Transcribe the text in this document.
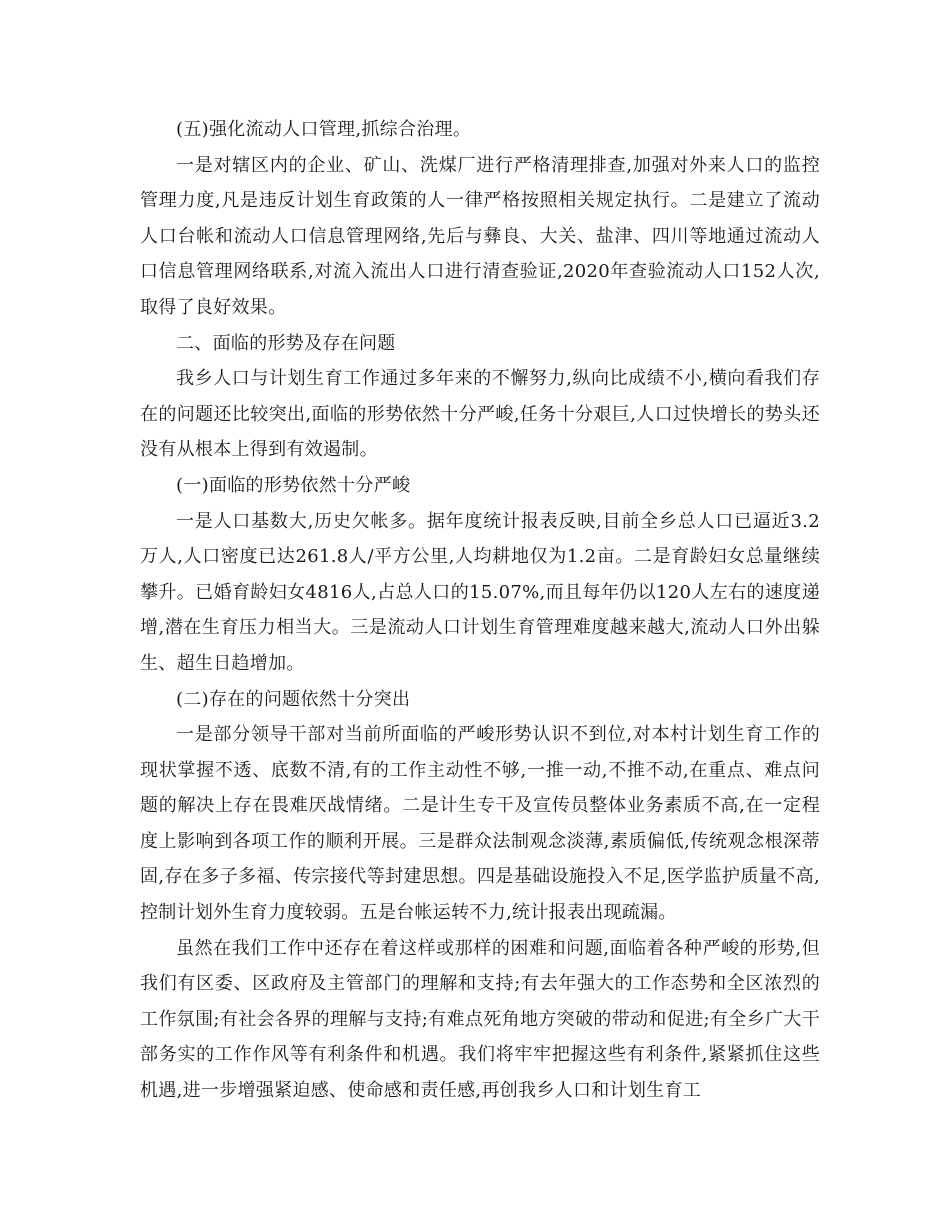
(五)强化流动人口管理,抓综合治理。

一是对辖区内的企业、矿山、洗煤厂进行严格清理排查,加强对外来人口的监控管理力度,凡是违反计划生育政策的人一律严格按照相关规定执行。二是建立了流动人口台帐和流动人口信息管理网络,先后与彝良、大关、盐津、四川等地通过流动人口信息管理网络联系,对流入流出人口进行清查验证,2020年查验流动人口152人次,取得了良好效果。

二、面临的形势及存在问题

我乡人口与计划生育工作通过多年来的不懈努力,纵向比成绩不小,横向看我们存在的问题还比较突出,面临的形势依然十分严峻,任务十分艰巨,人口过快增长的势头还没有从根本上得到有效遏制。

(一)面临的形势依然十分严峻

一是人口基数大,历史欠帐多。据年度统计报表反映,目前全乡总人口已逼近3.2万人,人口密度已达261.8人/平方公里,人均耕地仅为1.2亩。二是育龄妇女总量继续攀升。已婚育龄妇女4816人,占总人口的15.07%,而且每年仍以120人左右的速度递增,潜在生育压力相当大。三是流动人口计划生育管理难度越来越大,流动人口外出躲生、超生日趋增加。

(二)存在的问题依然十分突出

一是部分领导干部对当前所面临的严峻形势认识不到位,对本村计划生育工作的现状掌握不透、底数不清,有的工作主动性不够,一推一动,不推不动,在重点、难点问题的解决上存在畏难厌战情绪。二是计生专干及宣传员整体业务素质不高,在一定程度上影响到各项工作的顺利开展。三是群众法制观念淡薄,素质偏低,传统观念根深蒂固,存在多子多福、传宗接代等封建思想。四是基础设施投入不足,医学监护质量不高,控制计划外生育力度较弱。五是台帐运转不力,统计报表出现疏漏。

虽然在我们工作中还存在着这样或那样的困难和问题,面临着各种严峻的形势,但我们有区委、区政府及主管部门的理解和支持;有去年强大的工作态势和全区浓烈的工作氛围;有社会各界的理解与支持;有难点死角地方突破的带动和促进;有全乡广大干部务实的工作作风等有利条件和机遇。我们将牢牢把握这些有利条件,紧紧抓住这些机遇,进一步增强紧迫感、使命感和责任感,再创我乡人口和计划生育工
